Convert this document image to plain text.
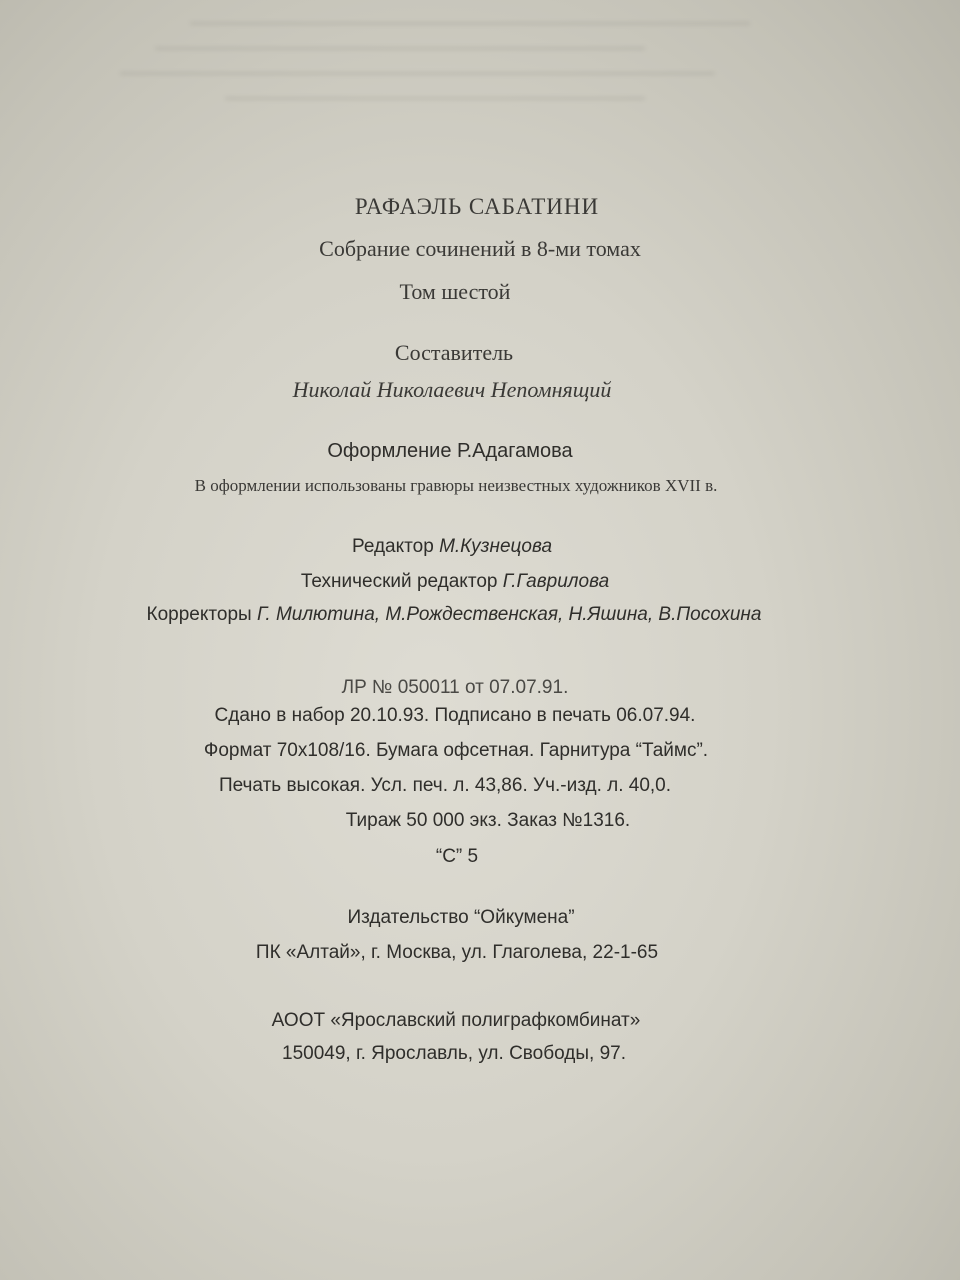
РАФАЭЛЬ САБАТИНИ
Собрание сочинений в 8-ми томах
Том шестой
Составитель
Николай Николаевич Непомнящий
Оформление Р.Адагамова
В оформлении использованы гравюры неизвестных художников XVII в.
Редактор М.Кузнецова
Технический редактор Г.Гаврилова
Корректоры Г. Милютина, М.Рождественская, Н.Яшина, В.Посохина
ЛР № 050011 от 07.07.91.
Сдано в набор 20.10.93. Подписано в печать 06.07.94.
Формат 70х108/16. Бумага офсетная. Гарнитура “Таймс”.
Печать высокая. Усл. печ. л. 43,86. Уч.-изд. л. 40,0.
Тираж 50 000 экз. Заказ №1316.
“С” 5
Издательство “Ойкумена”
ПК «Алтай», г. Москва, ул. Глаголева, 22-1-65
АООТ «Ярославский полиграфкомбинат»
150049, г. Ярославль, ул. Свободы, 97.
